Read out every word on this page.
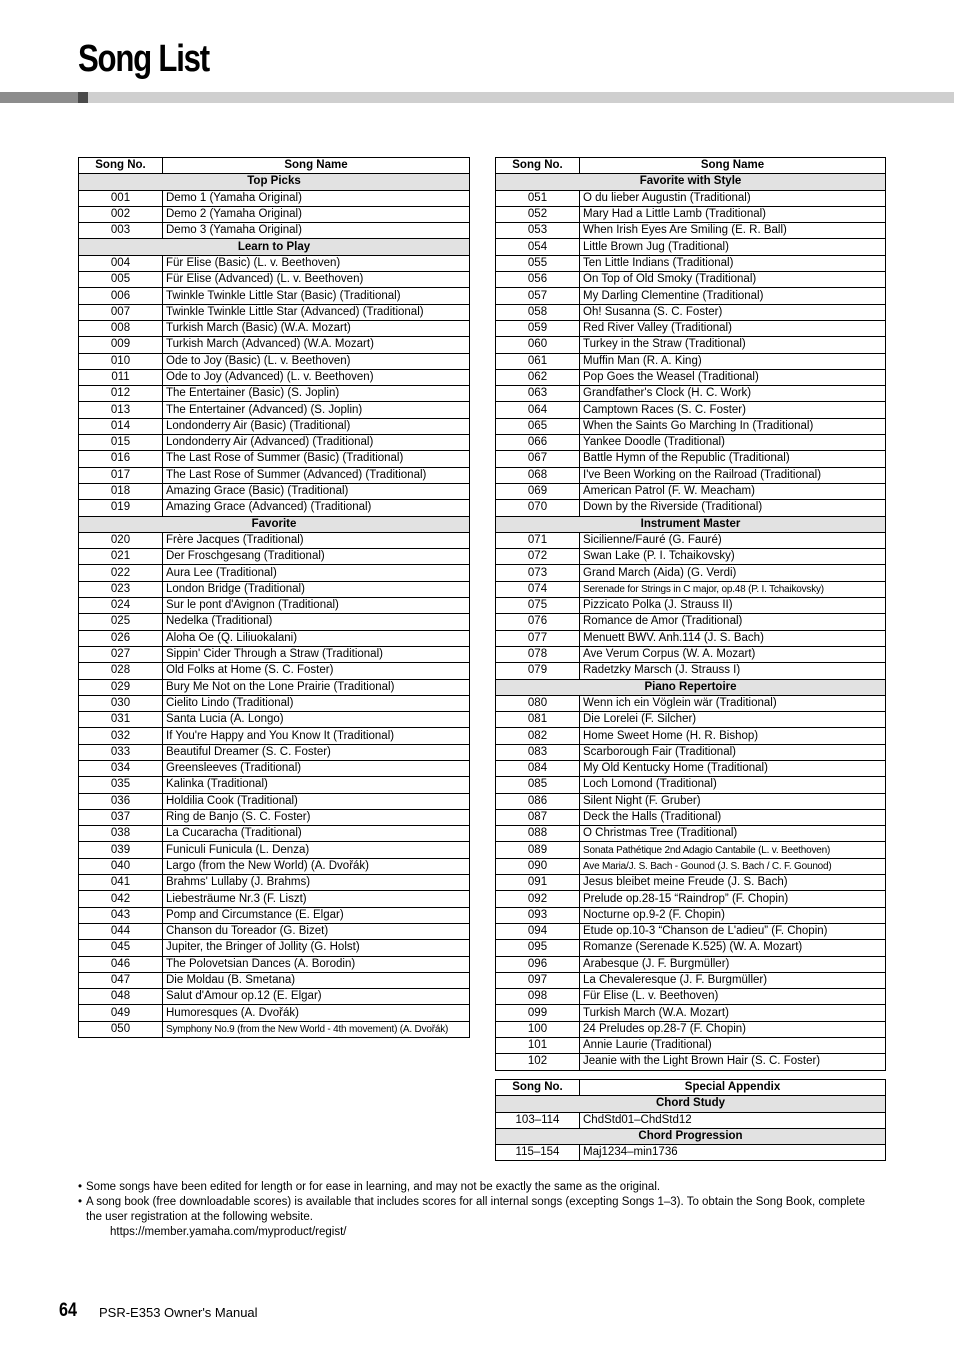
Song List
Song No.	Song Name
Top Picks	
001	Demo 1 (Yamaha Original)
002	Demo 2 (Yamaha Original)
003	Demo 3 (Yamaha Original)
Learn to Play	
004	Für Elise (Basic) (L. v. Beethoven)
005	Für Elise (Advanced) (L. v. Beethoven)
006	Twinkle Twinkle Little Star (Basic) (Traditional)
007	Twinkle Twinkle Little Star (Advanced) (Traditional)
008	Turkish March (Basic) (W.A. Mozart)
009	Turkish March (Advanced) (W.A. Mozart)
010	Ode to Joy (Basic) (L. v. Beethoven)
011	Ode to Joy (Advanced) (L. v. Beethoven)
012	The Entertainer (Basic) (S. Joplin)
013	The Entertainer (Advanced) (S. Joplin)
014	Londonderry Air (Basic) (Traditional)
015	Londonderry Air (Advanced) (Traditional)
016	The Last Rose of Summer (Basic) (Traditional)
017	The Last Rose of Summer (Advanced) (Traditional)
018	Amazing Grace (Basic) (Traditional)
019	Amazing Grace (Advanced) (Traditional)
Favorite	
020	Frère Jacques (Traditional)
021	Der Froschgesang (Traditional)
022	Aura Lee (Traditional)
023	London Bridge (Traditional)
024	Sur le pont d'Avignon (Traditional)
025	Nedelka (Traditional)
026	Aloha Oe (Q. Liliuokalani)
027	Sippin' Cider Through a Straw (Traditional)
028	Old Folks at Home (S. C. Foster)
029	Bury Me Not on the Lone Prairie (Traditional)
030	Cielito Lindo (Traditional)
031	Santa Lucia (A. Longo)
032	If You're Happy and You Know It (Traditional)
033	Beautiful Dreamer (S. C. Foster)
034	Greensleeves (Traditional)
035	Kalinka (Traditional)
036	Holdilia Cook (Traditional)
037	Ring de Banjo (S. C. Foster)
038	La Cucaracha (Traditional)
039	Funiculi Funicula (L. Denza)
040	Largo (from the New World) (A. Dvořák)
041	Brahms' Lullaby (J. Brahms)
042	Liebesträume Nr.3 (F. Liszt)
043	Pomp and Circumstance (E. Elgar)
044	Chanson du Toreador (G. Bizet)
045	Jupiter, the Bringer of Jollity (G. Holst)
046	The Polovetsian Dances (A. Borodin)
047	Die Moldau (B. Smetana)
048	Salut d'Amour op.12 (E. Elgar)
049	Humoresques (A. Dvořák)
050	Symphony No.9 (from the New World - 4th movement) (A. Dvořák)
Song No.	Song Name
Favorite with Style	
051	O du lieber Augustin (Traditional)
052	Mary Had a Little Lamb (Traditional)
053	When Irish Eyes Are Smiling (E. R. Ball)
054	Little Brown Jug (Traditional)
055	Ten Little Indians (Traditional)
056	On Top of Old Smoky (Traditional)
057	My Darling Clementine (Traditional)
058	Oh! Susanna (S. C. Foster)
059	Red River Valley (Traditional)
060	Turkey in the Straw (Traditional)
061	Muffin Man (R. A. King)
062	Pop Goes the Weasel (Traditional)
063	Grandfather's Clock (H. C. Work)
064	Camptown Races (S. C. Foster)
065	When the Saints Go Marching In (Traditional)
066	Yankee Doodle (Traditional)
067	Battle Hymn of the Republic (Traditional)
068	I've Been Working on the Railroad (Traditional)
069	American Patrol (F. W. Meacham)
070	Down by the Riverside (Traditional)
Instrument Master	
071	Sicilienne/Fauré (G. Fauré)
072	Swan Lake (P. I. Tchaikovsky)
073	Grand March (Aida) (G. Verdi)
074	Serenade for Strings in C major, op.48 (P. I. Tchaikovsky)
075	Pizzicato Polka (J. Strauss II)
076	Romance de Amor (Traditional)
077	Menuett BWV. Anh.114 (J. S. Bach)
078	Ave Verum Corpus (W. A. Mozart)
079	Radetzky Marsch (J. Strauss I)
Piano Repertoire	
080	Wenn ich ein Vöglein wär (Traditional)
081	Die Lorelei (F. Silcher)
082	Home Sweet Home (H. R. Bishop)
083	Scarborough Fair (Traditional)
084	My Old Kentucky Home (Traditional)
085	Loch Lomond (Traditional)
086	Silent Night (F. Gruber)
087	Deck the Halls (Traditional)
088	O Christmas Tree (Traditional)
089	Sonata Pathétique 2nd Adagio Cantabile (L. v. Beethoven)
090	Ave Maria/J. S. Bach - Gounod (J. S. Bach / C. F. Gounod)
091	Jesus bleibet meine Freude (J. S. Bach)
092	Prelude op.28-15 “Raindrop” (F. Chopin)
093	Nocturne op.9-2 (F. Chopin)
094	Etude op.10-3 “Chanson de L'adieu” (F. Chopin)
095	Romanze (Serenade K.525) (W. A. Mozart)
096	Arabesque (J. F. Burgmüller)
097	La Chevaleresque (J. F. Burgmüller)
098	Für Elise (L. v. Beethoven)
099	Turkish March (W.A. Mozart)
100	24 Preludes op.28-7 (F. Chopin)
101	Annie Laurie (Traditional)
102	Jeanie with the Light Brown Hair (S. C. Foster)
Song No.	Special Appendix
Chord Study	
103–114	ChdStd01–ChdStd12
Chord Progression	
115–154	Maj1234–min1736
• Some songs have been edited for length or for ease in learning, and may not be exactly the same as the original.
• A song book (free downloadable scores) is available that includes scores for all internal songs (excepting Songs 1–3). To obtain the Song Book, complete the user registration at the following website.
https://member.yamaha.com/myproduct/regist/
64 PSR-E353 Owner's Manual
